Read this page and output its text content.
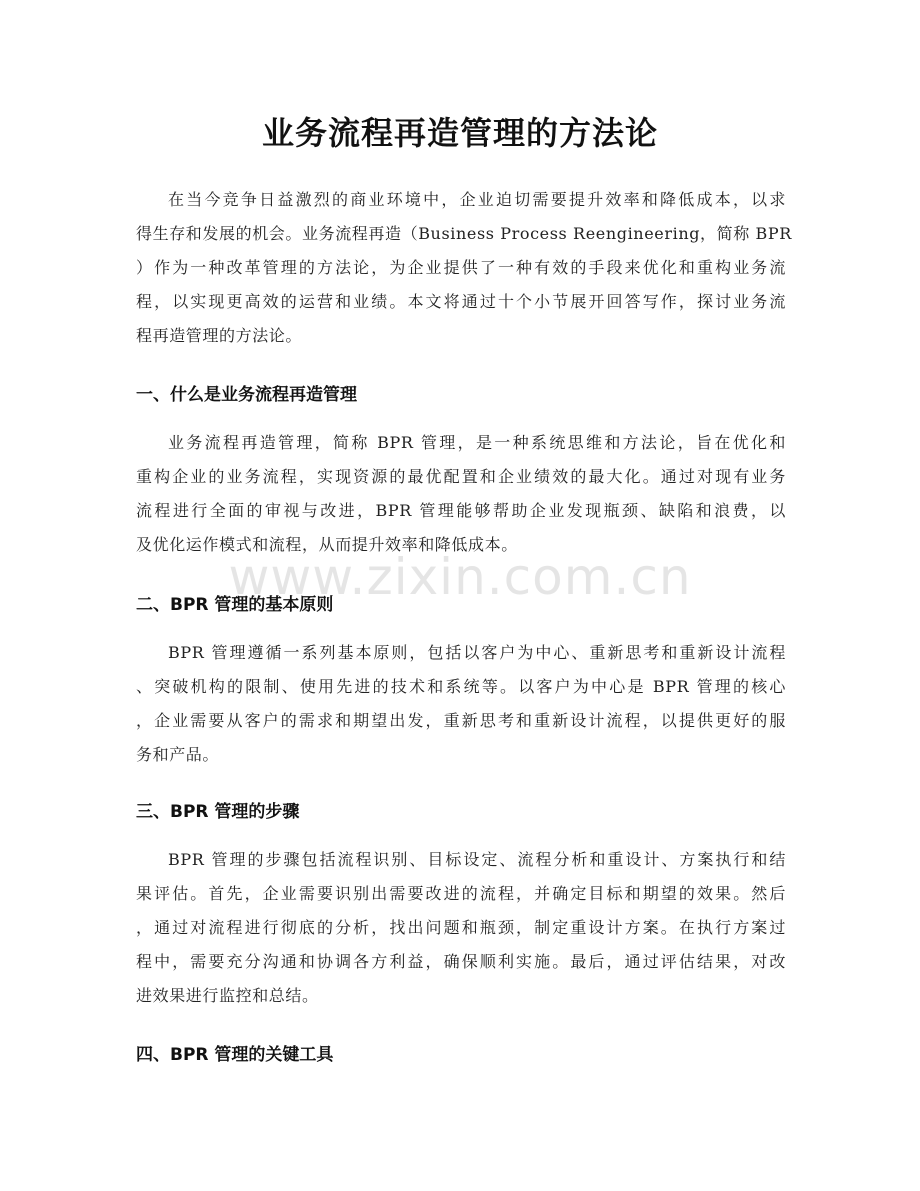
业务流程再造管理的方法论
在当今竞争日益激烈的商业环境中，企业迫切需要提升效率和降低成本，以求
得生存和发展的机会。业务流程再造（Business Process Reengineering，简称 BPR
）作为一种改革管理的方法论，为企业提供了一种有效的手段来优化和重构业务流
程，以实现更高效的运营和业绩。本文将通过十个小节展开回答写作，探讨业务流
程再造管理的方法论。
一、什么是业务流程再造管理
业务流程再造管理，简称 BPR 管理，是一种系统思维和方法论，旨在优化和
重构企业的业务流程，实现资源的最优配置和企业绩效的最大化。通过对现有业务
流程进行全面的审视与改进，BPR 管理能够帮助企业发现瓶颈、缺陷和浪费，以
及优化运作模式和流程，从而提升效率和降低成本。
www.zixin.com.cn
二、BPR 管理的基本原则
BPR 管理遵循一系列基本原则，包括以客户为中心、重新思考和重新设计流程
、突破机构的限制、使用先进的技术和系统等。以客户为中心是 BPR 管理的核心
，企业需要从客户的需求和期望出发，重新思考和重新设计流程，以提供更好的服
务和产品。
三、BPR 管理的步骤
BPR 管理的步骤包括流程识别、目标设定、流程分析和重设计、方案执行和结
果评估。首先，企业需要识别出需要改进的流程，并确定目标和期望的效果。然后
，通过对流程进行彻底的分析，找出问题和瓶颈，制定重设计方案。在执行方案过
程中，需要充分沟通和协调各方利益，确保顺利实施。最后，通过评估结果，对改
进效果进行监控和总结。
四、BPR 管理的关键工具
